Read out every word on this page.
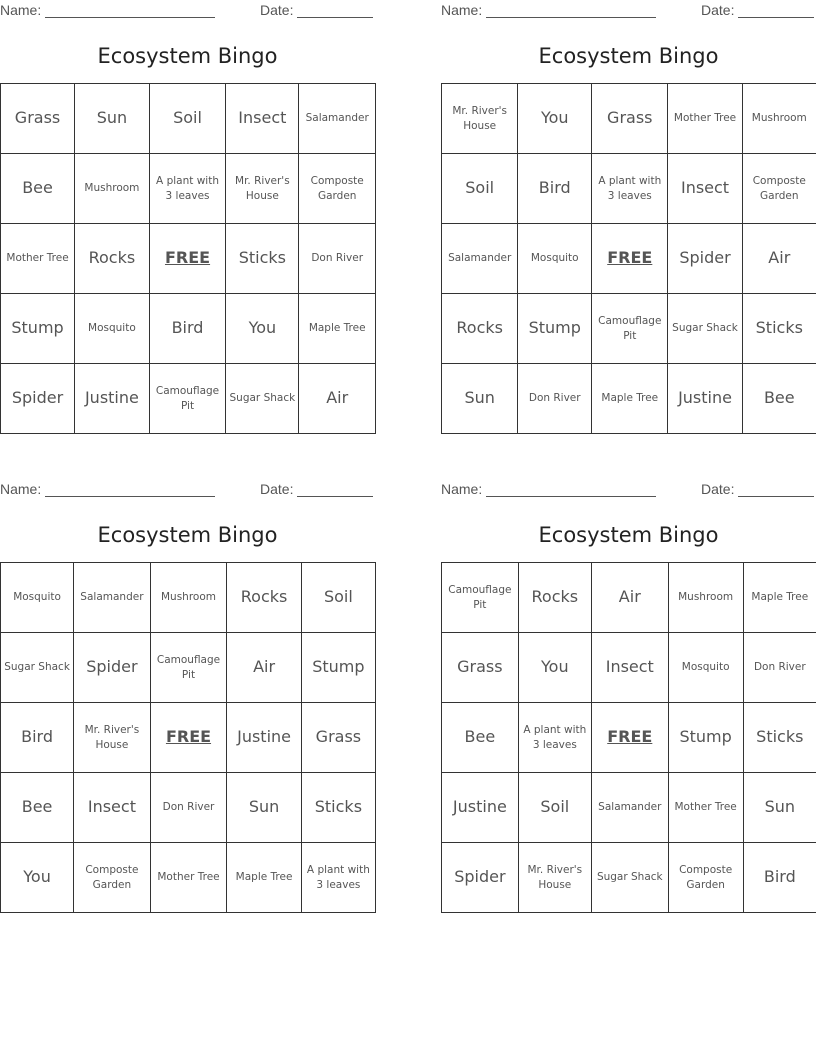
Name:	Date:
Ecosystem Bingo
Grass	Sun	Soil	Insect	Salamander
Bee	Mushroom	A plant with 3 leaves	Mr. River's House	Composte Garden
Mother Tree	Rocks	FREE	Sticks	Don River
Stump	Mosquito	Bird	You	Maple Tree
Spider	Justine	Camouflage Pit	Sugar Shack	Air
Name:	Date:
Ecosystem Bingo
Mr. River's House	You	Grass	Mother Tree	Mushroom
Soil	Bird	A plant with 3 leaves	Insect	Composte Garden
Salamander	Mosquito	FREE	Spider	Air
Rocks	Stump	Camouflage Pit	Sugar Shack	Sticks
Sun	Don River	Maple Tree	Justine	Bee
Name:	Date:
Ecosystem Bingo
Mosquito	Salamander	Mushroom	Rocks	Soil
Sugar Shack	Spider	Camouflage Pit	Air	Stump
Bird	Mr. River's House	FREE	Justine	Grass
Bee	Insect	Don River	Sun	Sticks
You	Composte Garden	Mother Tree	Maple Tree	A plant with 3 leaves
Name:	Date:
Ecosystem Bingo
Camouflage Pit	Rocks	Air	Mushroom	Maple Tree
Grass	You	Insect	Mosquito	Don River
Bee	A plant with 3 leaves	FREE	Stump	Sticks
Justine	Soil	Salamander	Mother Tree	Sun
Spider	Mr. River's House	Sugar Shack	Composte Garden	Bird
